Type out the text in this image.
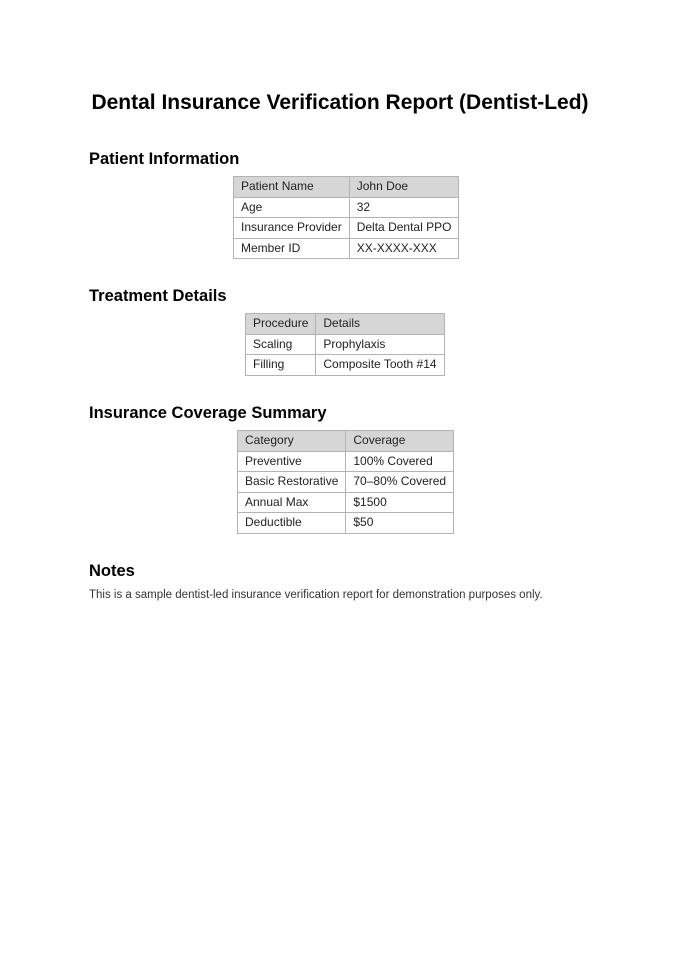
Dental Insurance Verification Report (Dentist-Led)
Patient Information
Patient Name	John Doe
Age	32
Insurance Provider	Delta Dental PPO
Member ID	XX-XXXX-XXX
Treatment Details
Procedure	Details
Scaling	Prophylaxis
Filling	Composite Tooth #14
Insurance Coverage Summary
Category	Coverage
Preventive	100% Covered
Basic Restorative	70–80% Covered
Annual Max	$1500
Deductible	$50
Notes

This is a sample dentist-led insurance verification report for demonstration purposes only.
